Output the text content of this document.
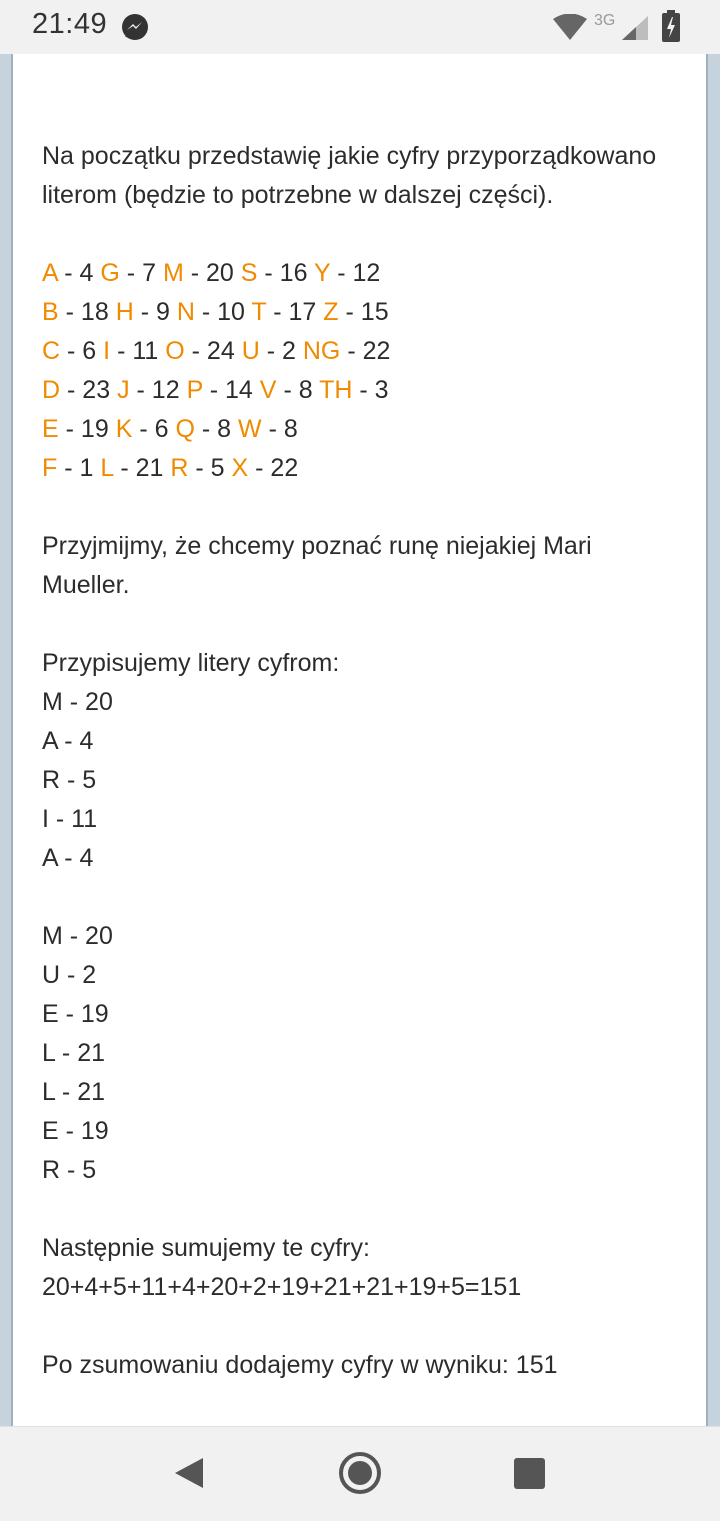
21:49	3G

Na początku przedstawię jakie cyfry przyporządkowano literom (będzie to potrzebne w dalszej części).

A - 4 G - 7 M - 20 S - 16 Y - 12
B - 18 H - 9 N - 10 T - 17 Z - 15
C - 6 I - 11 O - 24 U - 2 NG - 22
D - 23 J - 12 P - 14 V - 8 TH - 3
E - 19 K - 6 Q - 8 W - 8
F - 1 L - 21 R - 5 X - 22

Przyjmijmy, że chcemy poznać runę niejakiej Mari Mueller.

Przypisujemy litery cyfrom:

M - 20
A - 4
R - 5
I - 11
A - 4
M - 20
U - 2
E - 19
L - 21
L - 21
E - 19
R - 5

Następnie sumujemy te cyfry:

20+4+5+11+4+20+2+19+21+21+19+5=151

Po zsumowaniu dodajemy cyfry w wyniku: 151
